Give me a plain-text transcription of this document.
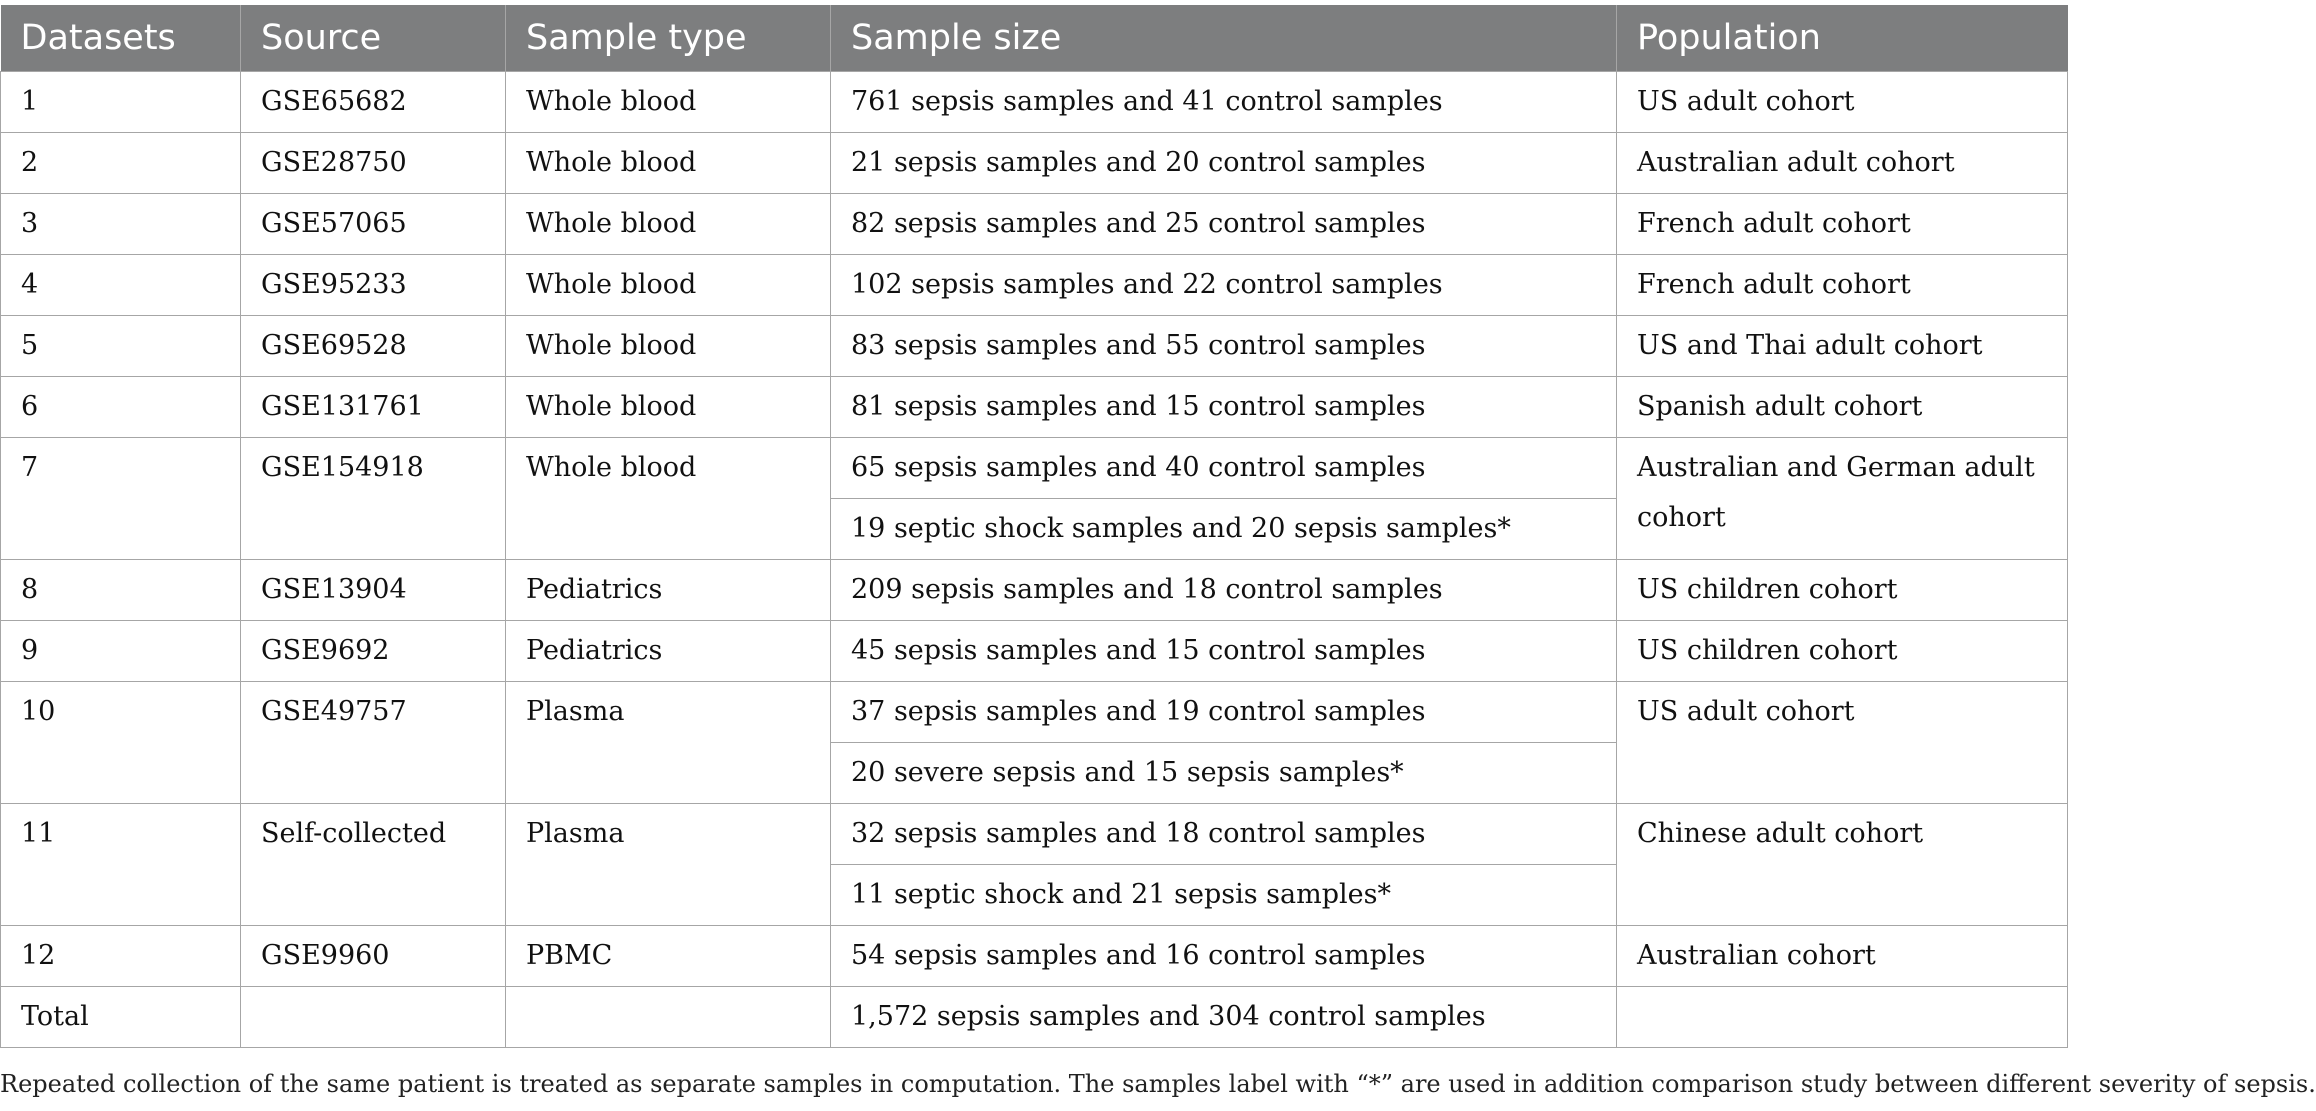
Datasets	Source	Sample type	Sample size	Population
1	GSE65682	Whole blood	761 sepsis samples and 41 control samples	US adult cohort
2	GSE28750	Whole blood	21 sepsis samples and 20 control samples	Australian adult cohort
3	GSE57065	Whole blood	82 sepsis samples and 25 control samples	French adult cohort
4	GSE95233	Whole blood	102 sepsis samples and 22 control samples	French adult cohort
5	GSE69528	Whole blood	83 sepsis samples and 55 control samples	US and Thai adult cohort
6	GSE131761	Whole blood	81 sepsis samples and 15 control samples	Spanish adult cohort
7	GSE154918	Whole blood	65 sepsis samples and 40 control samples	Australian and German adult cohort
			19 septic shock samples and 20 sepsis samples*	
8	GSE13904	Pediatrics	209 sepsis samples and 18 control samples	US children cohort
9	GSE9692	Pediatrics	45 sepsis samples and 15 control samples	US children cohort
10	GSE49757	Plasma	37 sepsis samples and 19 control samples	US adult cohort
			20 severe sepsis and 15 sepsis samples*	
11	Self-collected	Plasma	32 sepsis samples and 18 control samples	Chinese adult cohort
			11 septic shock and 21 sepsis samples*	
12	GSE9960	PBMC	54 sepsis samples and 16 control samples	Australian cohort
Total			1,572 sepsis samples and 304 control samples	
Repeated collection of the same patient is treated as separate samples in computation. The samples label with “*” are used in addition comparison study between different severity of sepsis.
